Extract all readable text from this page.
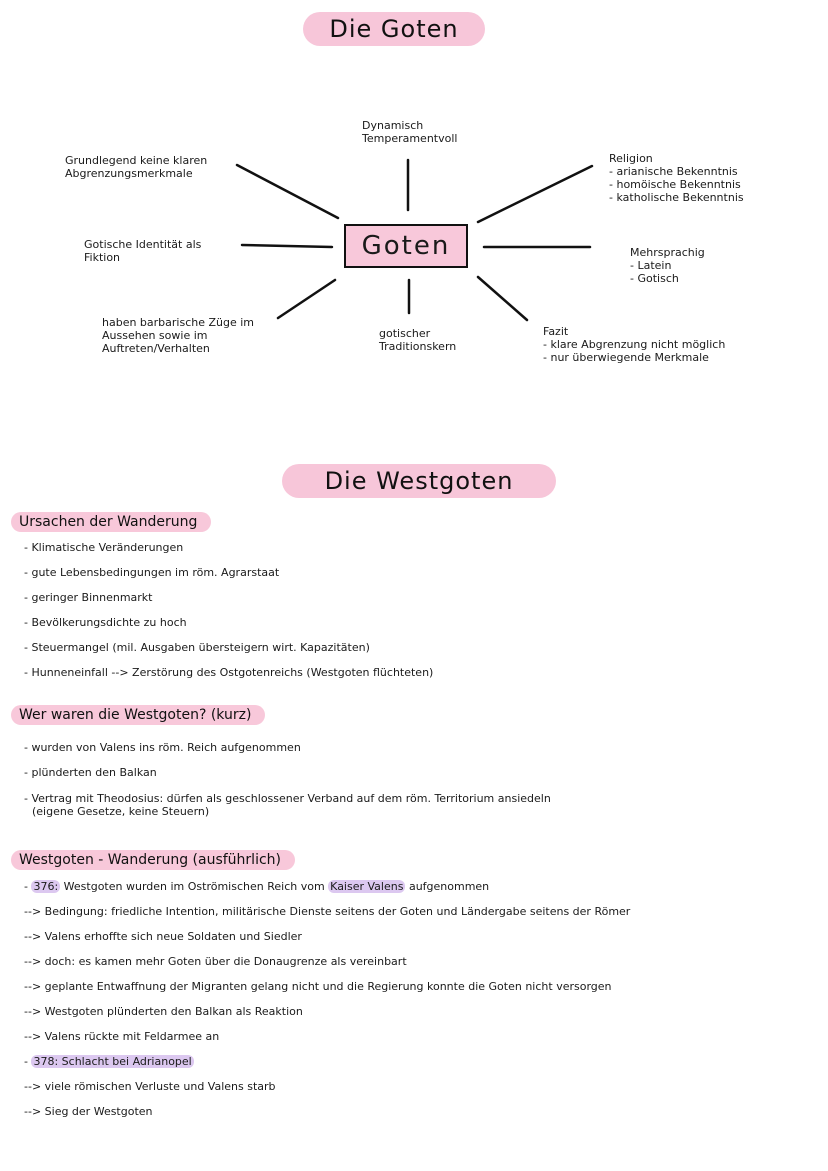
Die Goten
Goten
Dynamisch
Temperamentvoll
Grundlegend keine klaren
Abgrenzungsmerkmale
Gotische Identität als
Fiktion
haben barbarische Züge im
Aussehen sowie im
Auftreten/Verhalten
gotischer
Traditionskern
Religion
- arianische Bekenntnis
- homöische Bekenntnis
- katholische Bekenntnis
Mehrsprachig
- Latein
- Gotisch
Fazit
- klare Abgrenzung nicht möglich
- nur überwiegende Merkmale
Die Westgoten
Ursachen der Wanderung
- Klimatische Veränderungen
- gute Lebensbedingungen im röm. Agrarstaat
- geringer Binnenmarkt
- Bevölkerungsdichte zu hoch
- Steuermangel (mil. Ausgaben übersteigern wirt. Kapazitäten)
- Hunneneinfall --> Zerstörung des Ostgotenreichs (Westgoten flüchteten)
Wer waren die Westgoten? (kurz)
- wurden von Valens ins röm. Reich aufgenommen
- plünderten den Balkan
- Vertrag mit Theodosius: dürfen als geschlossener Verband auf dem röm. Territorium ansiedeln
(eigene Gesetze, keine Steuern)
Westgoten - Wanderung (ausführlich)
- 376: Westgoten wurden im Oströmischen Reich vom Kaiser Valens aufgenommen
--> Bedingung: friedliche Intention, militärische Dienste seitens der Goten und Ländergabe seitens der Römer
--> Valens erhoffte sich neue Soldaten und Siedler
--> doch: es kamen mehr Goten über die Donaugrenze als vereinbart
--> geplante Entwaffnung der Migranten gelang nicht und die Regierung konnte die Goten nicht versorgen
--> Westgoten plünderten den Balkan als Reaktion
--> Valens rückte mit Feldarmee an
- 378: Schlacht bei Adrianopel
--> viele römischen Verluste und Valens starb
--> Sieg der Westgoten
